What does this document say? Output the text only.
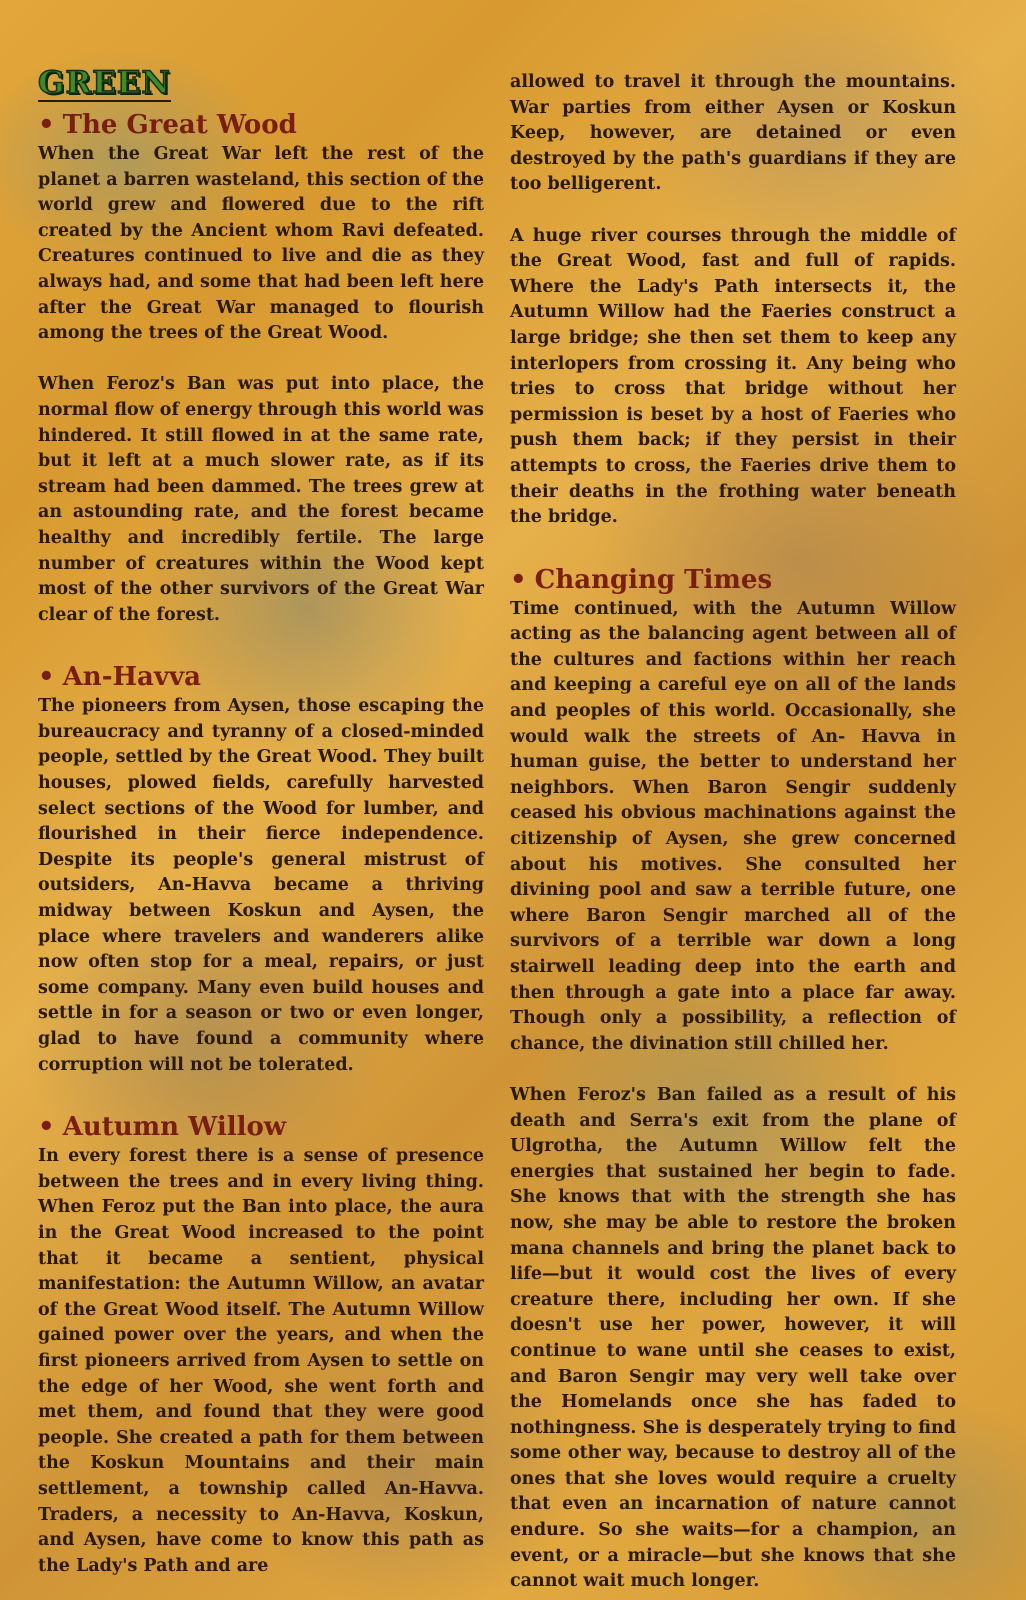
GREEN
• The Great Wood

When the Great War left the rest of the planet a barren wasteland, this section of the world grew and flowered due to the rift created by the Ancient whom Ravi defeated. Creatures continued to live and die as they always had, and some that had been left here after the Great War managed to flourish among the trees of the Great Wood.

When Feroz's Ban was put into place, the normal flow of energy through this world was hindered. It still flowed in at the same rate, but it left at a much slower rate, as if its stream had been dammed. The trees grew at an astounding rate, and the forest became healthy and incredibly fertile. The large number of creatures within the Wood kept most of the other survivors of the Great War clear of the forest.

• An-Havva

The pioneers from Aysen, those escaping the bureaucracy and tyranny of a closed-minded people, settled by the Great Wood. They built houses, plowed fields, carefully harvested select sections of the Wood for lumber, and flourished in their fierce independence. Despite its people's general mistrust of outsiders, An-Havva became a thriving midway between Koskun and Aysen, the place where travelers and wanderers alike now often stop for a meal, repairs, or just some company. Many even build houses and settle in for a season or two or even longer, glad to have found a community where corruption will not be tolerated.

• Autumn Willow

In every forest there is a sense of presence between the trees and in every living thing. When Feroz put the Ban into place, the aura in the Great Wood increased to the point that it became a sentient, physical manifestation: the Autumn Willow, an avatar of the Great Wood itself. The Autumn Willow gained power over the years, and when the first pioneers arrived from Aysen to settle on the edge of her Wood, she went forth and met them, and found that they were good people. She created a path for them between the Koskun Mountains and their main settlement, a township called An-Havva. Traders, a necessity to An-Havva, Koskun, and Aysen, have come to know this path as the Lady's Path and are

allowed to travel it through the mountains. War parties from either Aysen or Koskun Keep, however, are detained or even destroyed by the path's guardians if they are too belligerent.

A huge river courses through the middle of the Great Wood, fast and full of rapids. Where the Lady's Path intersects it, the Autumn Willow had the Faeries construct a large bridge; she then set them to keep any interlopers from crossing it. Any being who tries to cross that bridge without her permission is beset by a host of Faeries who push them back; if they persist in their attempts to cross, the Faeries drive them to their deaths in the frothing water beneath the bridge.

• Changing Times

Time continued, with the Autumn Willow acting as the balancing agent between all of the cultures and factions within her reach and keeping a careful eye on all of the lands and peoples of this world. Occasionally, she would walk the streets of An- Havva in human guise, the better to understand her neighbors. When Baron Sengir suddenly ceased his obvious machinations against the citizenship of Aysen, she grew concerned about his motives. She consulted her divining pool and saw a terrible future, one where Baron Sengir marched all of the survivors of a terrible war down a long stairwell leading deep into the earth and then through a gate into a place far away. Though only a possibility, a reflection of chance, the divination still chilled her.

When Feroz's Ban failed as a result of his death and Serra's exit from the plane of Ulgrotha, the Autumn Willow felt the energies that sustained her begin to fade. She knows that with the strength she has now, she may be able to restore the broken mana channels and bring the planet back to life—but it would cost the lives of every creature there, including her own. If she doesn't use her power, however, it will continue to wane until she ceases to exist, and Baron Sengir may very well take over the Homelands once she has faded to nothingness. She is desperately trying to find some other way, because to destroy all of the ones that she loves would require a cruelty that even an incarnation of nature cannot endure. So she waits—for a champion, an event, or a miracle—but she knows that she cannot wait much longer.
